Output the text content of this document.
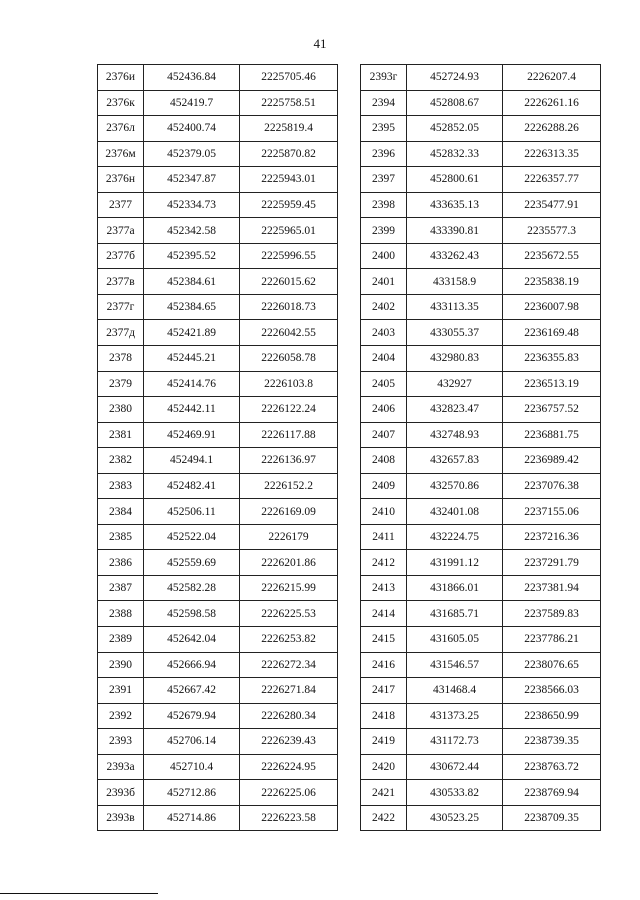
41
2376и	452436.84	2225705.46
2376к	452419.7	2225758.51
2376л	452400.74	2225819.4
2376м	452379.05	2225870.82
2376н	452347.87	2225943.01
2377	452334.73	2225959.45
2377а	452342.58	2225965.01
2377б	452395.52	2225996.55
2377в	452384.61	2226015.62
2377г	452384.65	2226018.73
2377д	452421.89	2226042.55
2378	452445.21	2226058.78
2379	452414.76	2226103.8
2380	452442.11	2226122.24
2381	452469.91	2226117.88
2382	452494.1	2226136.97
2383	452482.41	2226152.2
2384	452506.11	2226169.09
2385	452522.04	2226179
2386	452559.69	2226201.86
2387	452582.28	2226215.99
2388	452598.58	2226225.53
2389	452642.04	2226253.82
2390	452666.94	2226272.34
2391	452667.42	2226271.84
2392	452679.94	2226280.34
2393	452706.14	2226239.43
2393а	452710.4	2226224.95
2393б	452712.86	2226225.06
2393в	452714.86	2226223.58
2393г	452724.93	2226207.4
2394	452808.67	2226261.16
2395	452852.05	2226288.26
2396	452832.33	2226313.35
2397	452800.61	2226357.77
2398	433635.13	2235477.91
2399	433390.81	2235577.3
2400	433262.43	2235672.55
2401	433158.9	2235838.19
2402	433113.35	2236007.98
2403	433055.37	2236169.48
2404	432980.83	2236355.83
2405	432927	2236513.19
2406	432823.47	2236757.52
2407	432748.93	2236881.75
2408	432657.83	2236989.42
2409	432570.86	2237076.38
2410	432401.08	2237155.06
2411	432224.75	2237216.36
2412	431991.12	2237291.79
2413	431866.01	2237381.94
2414	431685.71	2237589.83
2415	431605.05	2237786.21
2416	431546.57	2238076.65
2417	431468.4	2238566.03
2418	431373.25	2238650.99
2419	431172.73	2238739.35
2420	430672.44	2238763.72
2421	430533.82	2238769.94
2422	430523.25	2238709.35
